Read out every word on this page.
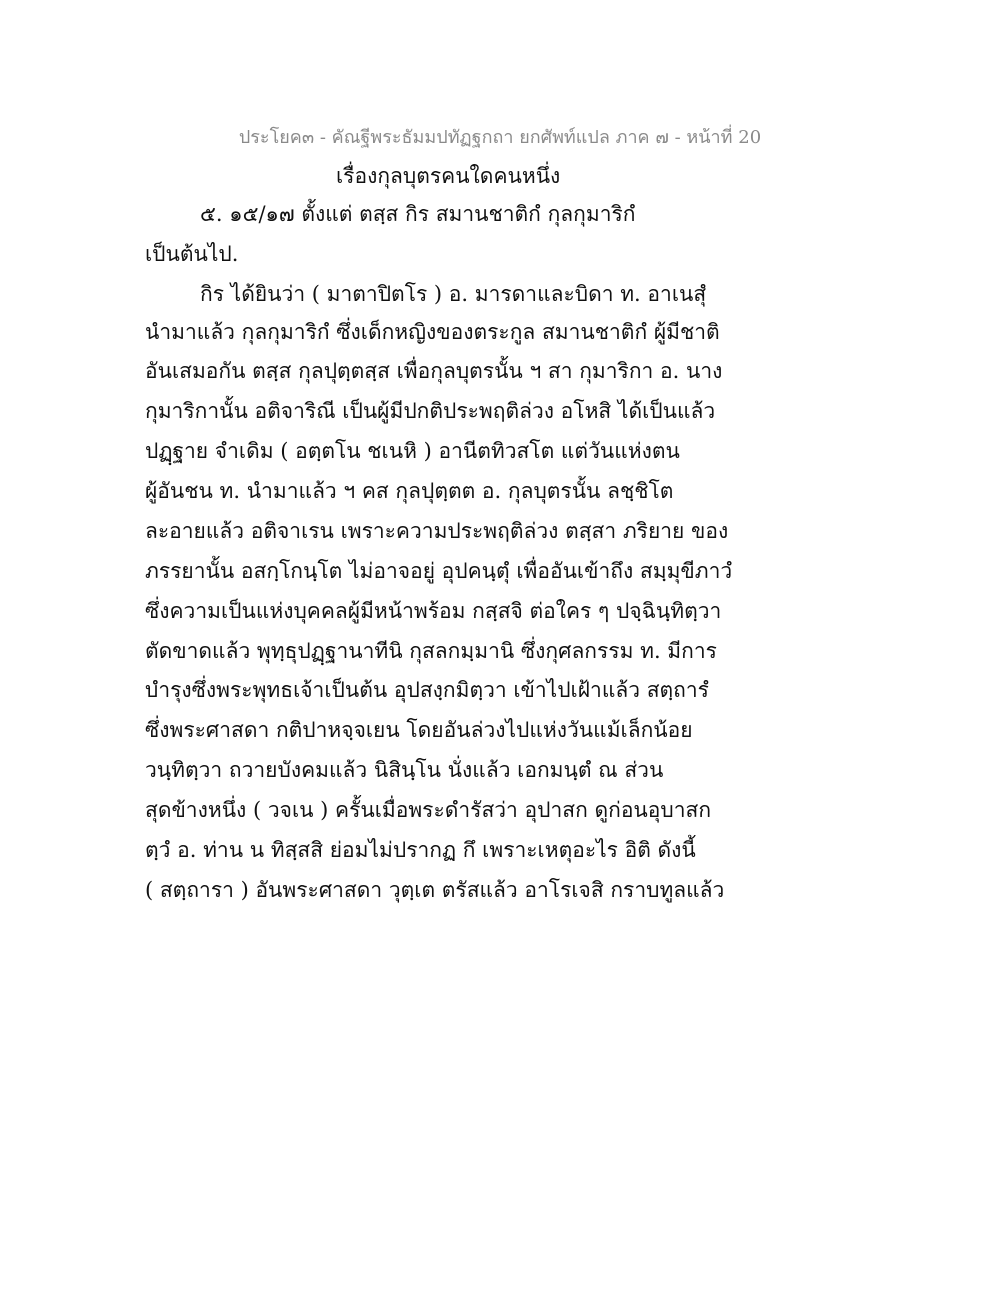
ประโยค๓ - คัณฐีพระธัมมปทัฏฐกถา ยกศัพท์แปล ภาค ๗ - หน้าที่ 20
เรื่องกุลบุตรคนใดคนหนึ่ง
๕. ๑๕/๑๗ ตั้งแต่ ตสฺส กิร สมานชาติกํ กุลกุมาริกํ
เป็นต้นไป.
กิร ได้ยินว่า ( มาตาปิตโร ) อ. มารดาและบิดา ท. อาเนสุํ
นำมาแล้ว กุลกุมาริกํ ซึ่งเด็กหญิงของตระกูล สมานชาติกํ ผู้มีชาติ
อันเสมอกัน ตสฺส กุลปุตฺตสฺส เพื่อกุลบุตรนั้น ฯ สา กุมาริกา อ. นาง
กุมาริกานั้น อติจาริณี เป็นผู้มีปกติประพฤติล่วง อโหสิ ได้เป็นแล้ว
ปฏฺฐาย จำเดิม ( อตฺตโน ชเนหิ ) อานีตทิวสโต แต่วันแห่งตน
ผู้อันชน ท. นำมาแล้ว ฯ คส กุลปุตฺตต อ. กุลบุตรนั้น ลชฺชิโต
ละอายแล้ว อติจาเรน เพราะความประพฤติล่วง ตสฺสา ภริยาย ของ
ภรรยานั้น อสกฺโกนฺโต ไม่อาจอยู่ อุปคนฺตุํ เพื่ออันเข้าถึง สมฺมุขีภาวํ
ซึ่งความเป็นแห่งบุคคลผู้มีหน้าพร้อม กสฺสจิ ต่อใคร ๆ ปจฺฉินฺทิตฺวา
ตัดขาดแล้ว พุทฺธุปฏฺฐานาทีนิ กุสลกมฺมานิ ซึ่งกุศลกรรม ท. มีการ
บำรุงซึ่งพระพุทธเจ้าเป็นต้น อุปสงฺกมิตฺวา เข้าไปเฝ้าแล้ว สตฺถารํ
ซึ่งพระศาสดา กติปาหจฺจเยน โดยอันล่วงไปแห่งวันแม้เล็กน้อย
วนฺทิตฺวา ถวายบังคมแล้ว นิสินฺโน นั่งแล้ว เอกมนฺตํ ณ ส่วน
สุดข้างหนึ่ง ( วจเน ) ครั้นเมื่อพระดำรัสว่า อุปาสก ดูก่อนอุบาสก
ตฺวํ อ. ท่าน น ทิสฺสสิ ย่อมไม่ปรากฏ กึ เพราะเหตุอะไร อิติ ดังนี้
( สตฺถารา ) อันพระศาสดา วุตฺเต ตรัสแล้ว อาโรเจสิ กราบทูลแล้ว
